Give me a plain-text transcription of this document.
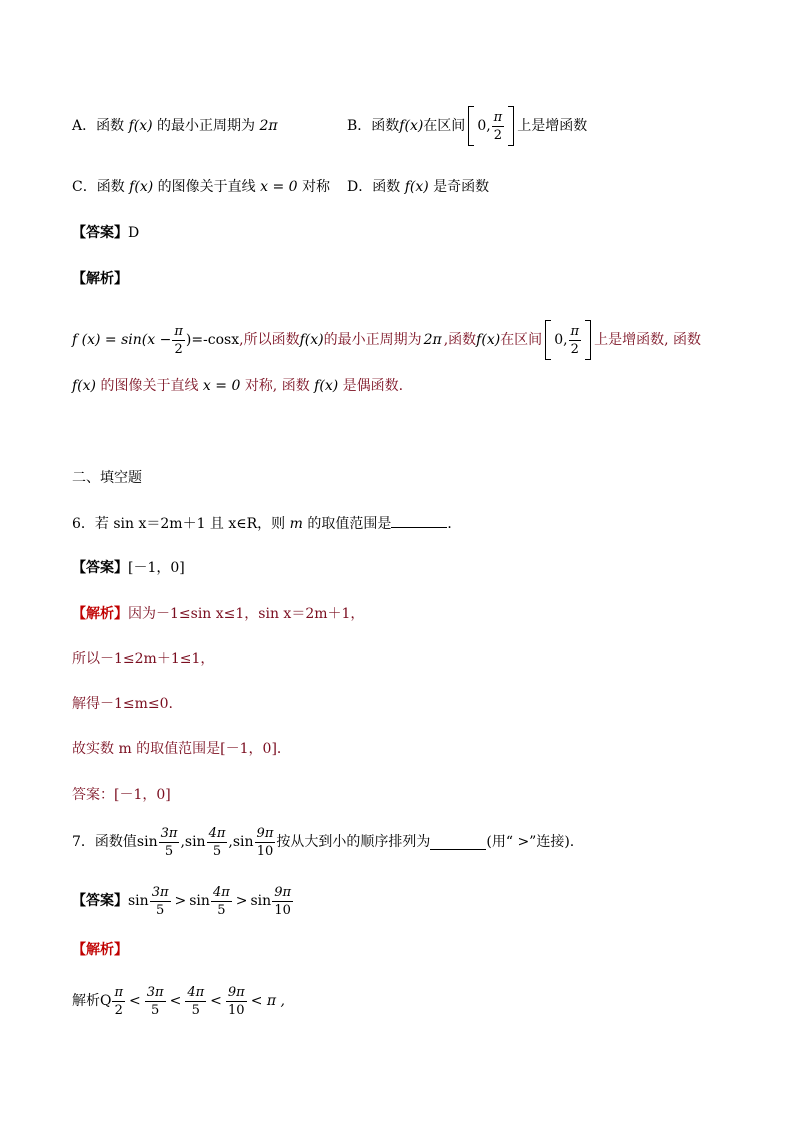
A．函数 f(x) 的最小正周期为 2π	B．函数 f(x) 在区间 0, $\frac{\pi}{2}$ 上是增函数
C．函数 f(x) 的图像关于直线 x = 0 对称 D．函数 f(x) 是奇函数
【答案】D
【解析】
f $(x) = \sin(x - \frac{\pi}{2} )=-\cos x$ ,所以函数 f(x) 的最小正周期为 2π ,函数 f(x) 在区间 0, $\frac{\pi}{2}$ 上是增函数, 函数
f(x) 的图像关于直线 x = 0 对称, 函数 f(x) 是偶函数.
二、填空题
6．若 sin x＝2m＋1 且 x∈R，则 m 的取值范围是	．
【答案】[－1，0]
【解析】因为－1≤sin x≤1，sin x＝2m＋1，
所以－1≤2m＋1≤1，
解得－1≤m≤0.
故实数 m 的取值范围是[－1，0]．
答案：[－1，0]
7．函数值 $\sin \frac{3\pi}{5}$ , $\sin \frac{4\pi}{5}$ , $\sin \frac{9\pi}{10}$ 按从大到小的顺序排列为	(用“ >”连接).
【答案】 $\sin \frac{3\pi}{5} > \sin \frac{4\pi}{5} > \sin \frac{9\pi}{10}$
【解析】
解析Q $\frac{\pi}{2} < \frac{3\pi}{5} < \frac{4\pi}{5} < \frac{9\pi}{10} < \pi$ ,
